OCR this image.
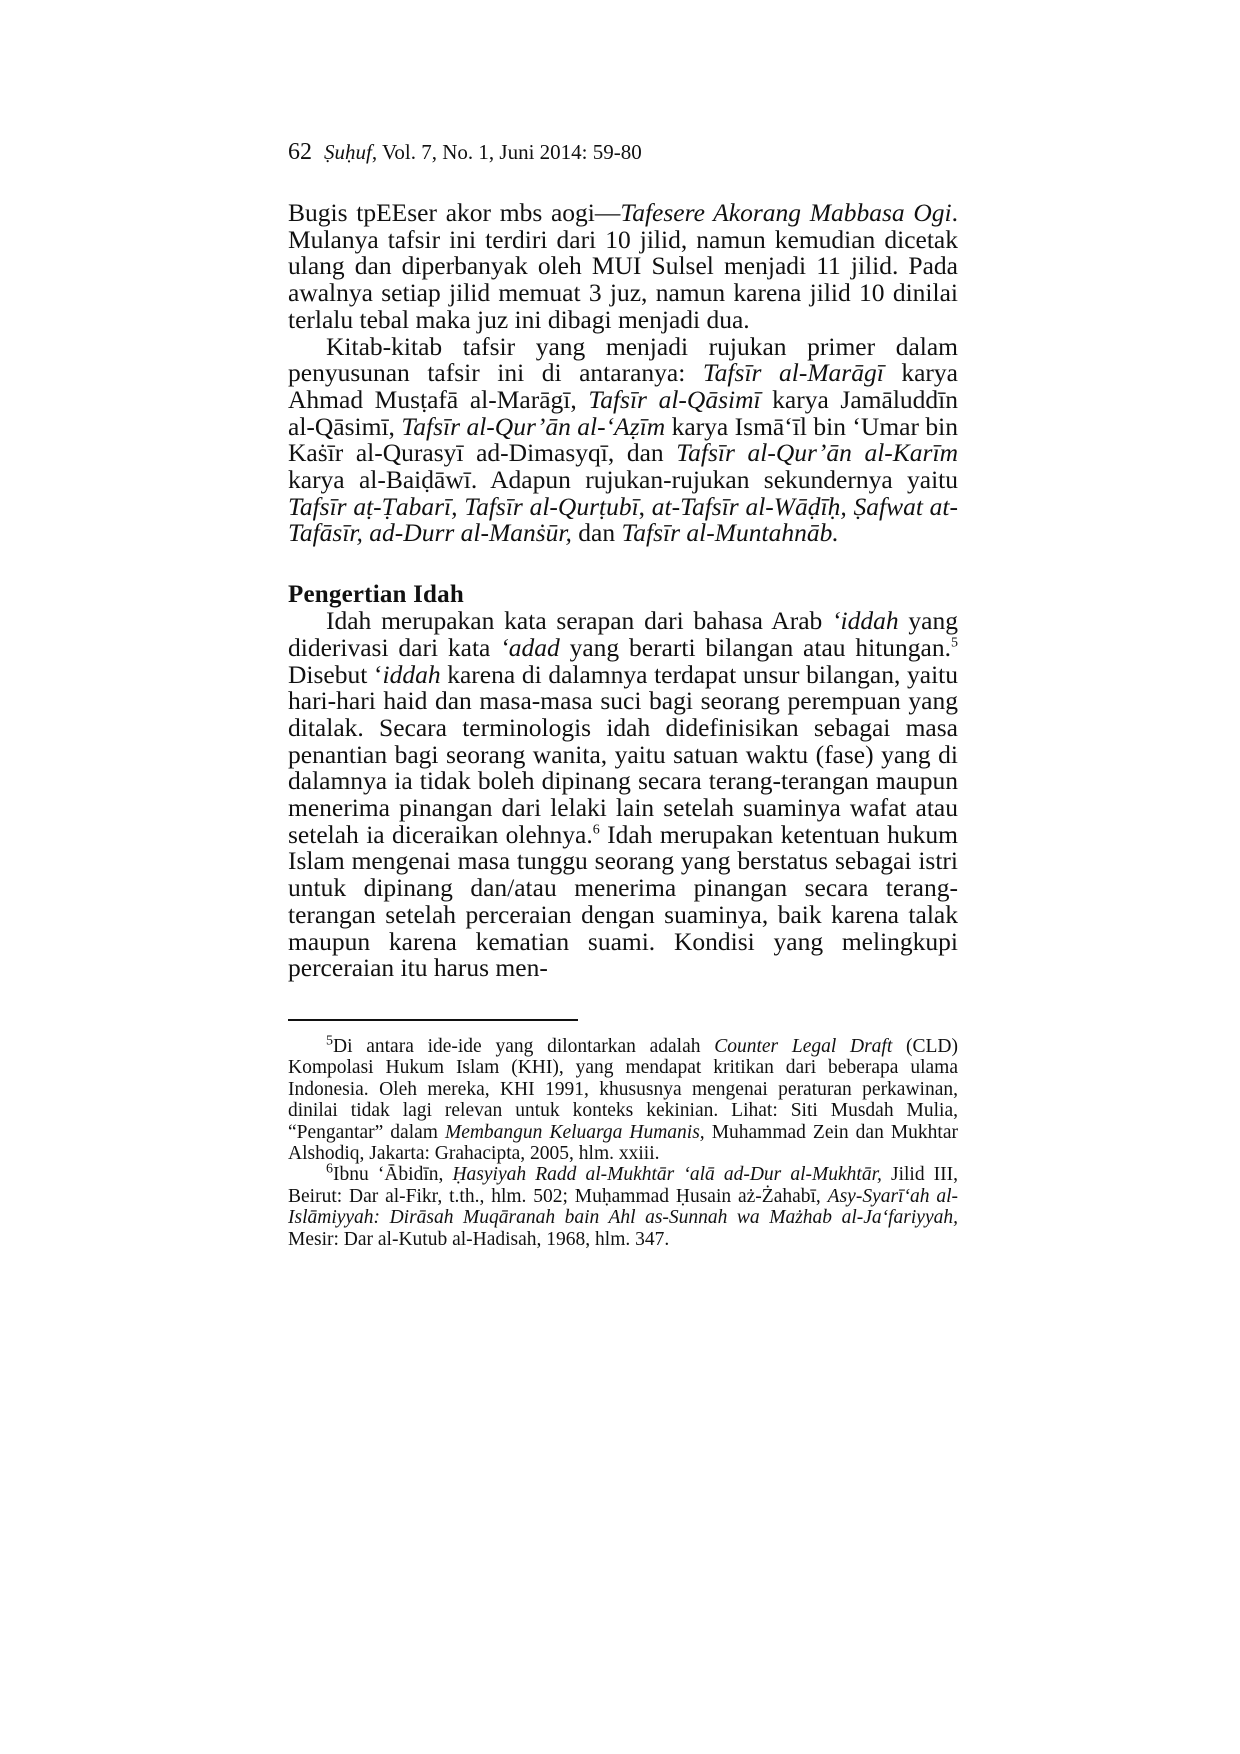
62 Ṣuḥuf, Vol. 7, No. 1, Juni 2014: 59-80

Bugis tpEEser akor mbs aogi—Tafesere Akorang Mabbasa Ogi. Mulanya tafsir ini terdiri dari 10 jilid, namun kemudian dicetak ulang dan diperbanyak oleh MUI Sulsel menjadi 11 jilid. Pada awalnya setiap jilid memuat 3 juz, namun karena jilid 10 dinilai terlalu tebal maka juz ini dibagi menjadi dua.

Kitab-kitab tafsir yang menjadi rujukan primer dalam penyusunan tafsir ini di antaranya: Tafsīr al-Marāgī karya Ahmad Musṭafā al-Marāgī, Tafsīr al-Qāsimī karya Jamāluddīn al-Qāsimī, Tafsīr al-Qur’ān al-‘Aẓīm karya Ismā‘īl bin ‘Umar bin Kaṡīr al-Qurasyī ad-Dimasyqī, dan Tafsīr al-Qur’ān al-Karīm karya al-Baiḍāwī. Adapun rujukan-rujukan sekundernya yaitu Tafsīr aṭ-Ṭabarī, Tafsīr al-Qurṭubī, at-Tafsīr al-Wāḍīḥ, Ṣafwat at-Tafāsīr, ad-Durr al-Manṡūr, dan Tafsīr al-Muntahnāb.

Pengertian Idah

Idah merupakan kata serapan dari bahasa Arab ‘iddah yang diderivasi dari kata ‘adad yang berarti bilangan atau hitungan.$^5$ Disebut ‘iddah karena di dalamnya terdapat unsur bilangan, yaitu hari-hari haid dan masa-masa suci bagi seorang perempuan yang ditalak. Secara terminologis idah didefinisikan sebagai masa penantian bagi seorang wanita, yaitu satuan waktu (fase) yang di dalamnya ia tidak boleh dipinang secara terang-terangan maupun menerima pinangan dari lelaki lain setelah suaminya wafat atau setelah ia diceraikan olehnya.$^6$ Idah merupakan ketentuan hukum Islam mengenai masa tunggu seorang yang berstatus sebagai istri untuk dipinang dan/atau menerima pinangan secara terang-terangan setelah perceraian dengan suaminya, baik karena talak maupun karena kematian suami. Kondisi yang melingkupi perceraian itu harus men-

$^5$Di antara ide-ide yang dilontarkan adalah Counter Legal Draft (CLD) Kompolasi Hukum Islam (KHI), yang mendapat kritikan dari beberapa ulama Indonesia. Oleh mereka, KHI 1991, khususnya mengenai peraturan perkawinan, dinilai tidak lagi relevan untuk konteks kekinian. Lihat: Siti Musdah Mulia, “Pengantar” dalam Membangun Keluarga Humanis, Muhammad Zein dan Mukhtar Alshodiq, Jakarta: Grahacipta, 2005, hlm. xxiii.

$^6$Ibnu ‘Ābidīn, Ḥasyiyah Radd al-Mukhtār ‘alā ad-Dur al-Mukhtār, Jilid III, Beirut: Dar al-Fikr, t.th., hlm. 502; Muḥammad Ḥusain aż-Żahabī, Asy-Syarī‘ah al-Islāmiyyah: Dirāsah Muqāranah bain Ahl as-Sunnah wa Mażhab al-Ja‘fariyyah, Mesir: Dar al-Kutub al-Hadisah, 1968, hlm. 347.
